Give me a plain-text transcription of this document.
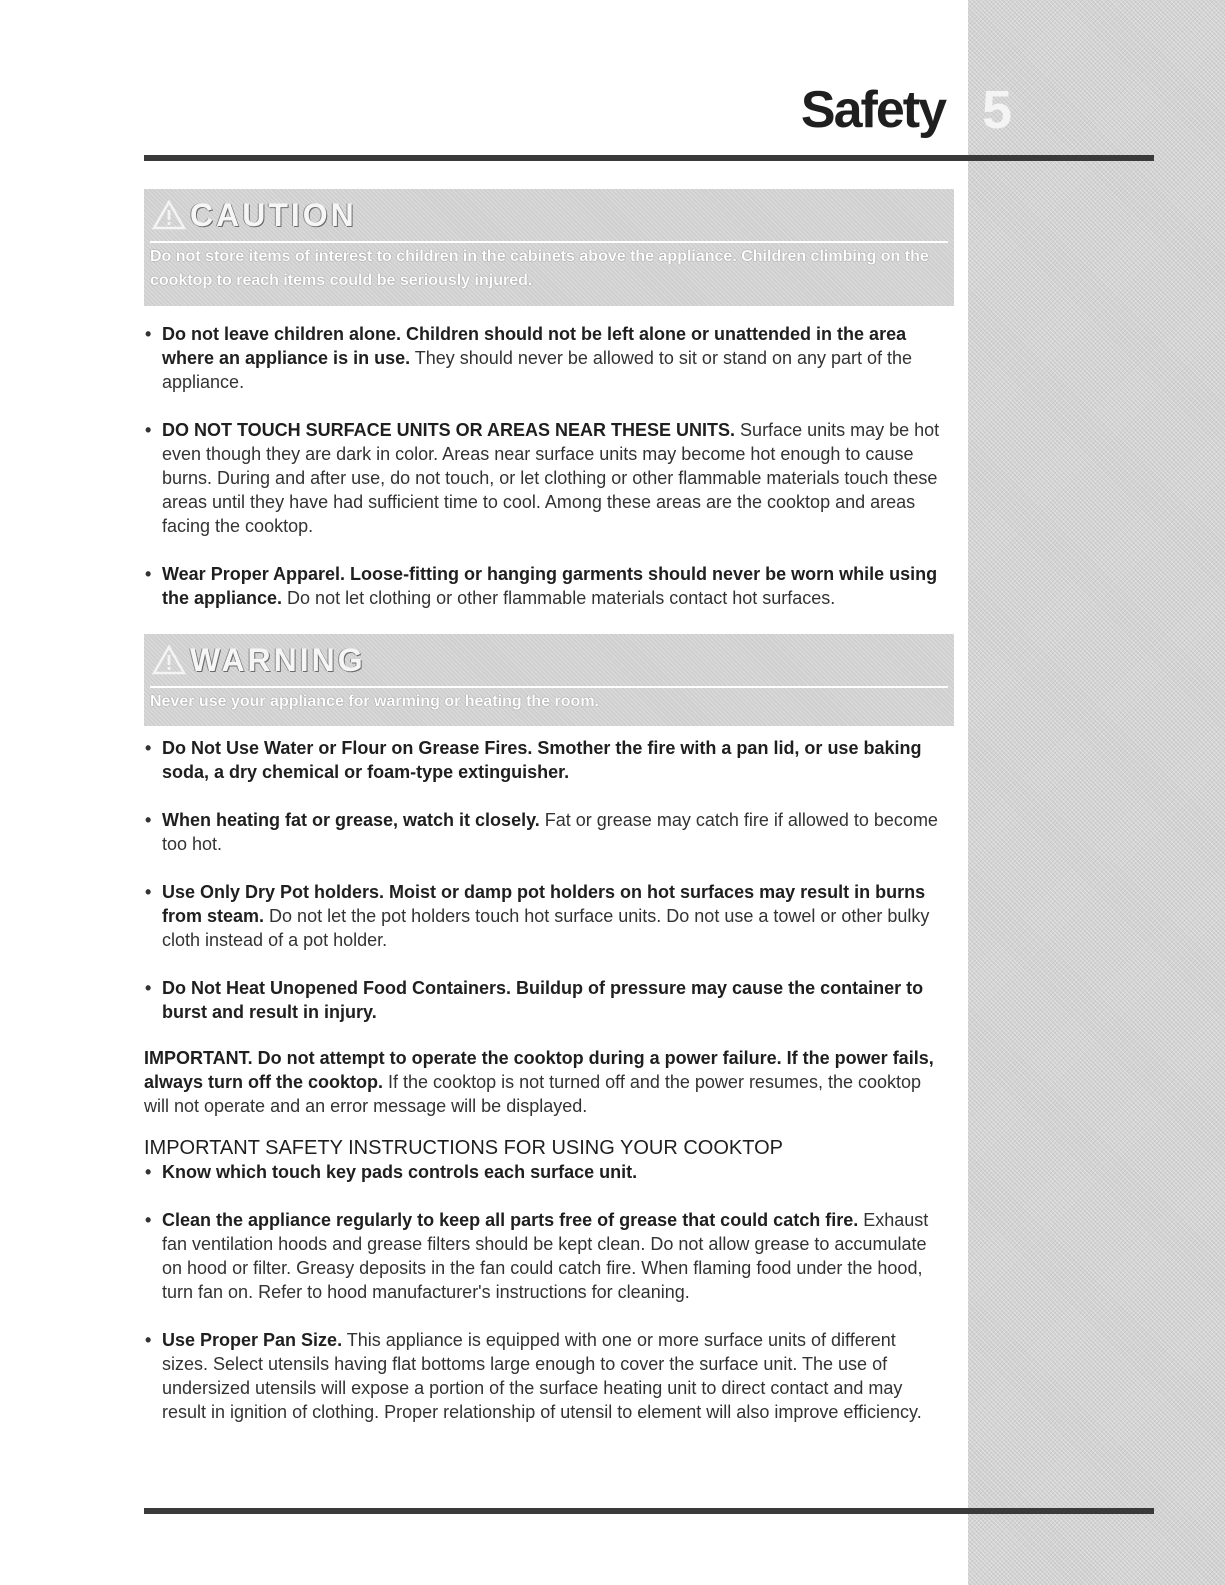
Safety 5
CAUTION
Do not store items of interest to children in the cabinets above the appliance. Children climbing on the cooktop to reach items could be seriously injured.

• Do not leave children alone. Children should not be left alone or unattended in the area where an appliance is in use. They should never be allowed to sit or stand on any part of the appliance.

• DO NOT TOUCH SURFACE UNITS OR AREAS NEAR THESE UNITS. Surface units may be hot even though they are dark in color. Areas near surface units may become hot enough to cause burns. During and after use, do not touch, or let clothing or other flammable materials touch these areas until they have had sufficient time to cool. Among these areas are the cooktop and areas facing the cooktop.

• Wear Proper Apparel. Loose-fitting or hanging garments should never be worn while using the appliance. Do not let clothing or other flammable materials contact hot surfaces.

WARNING
Never use your appliance for warming or heating the room.

• Do Not Use Water or Flour on Grease Fires. Smother the fire with a pan lid, or use baking soda, a dry chemical or foam-type extinguisher.

• When heating fat or grease, watch it closely. Fat or grease may catch fire if allowed to become too hot.

• Use Only Dry Pot holders. Moist or damp pot holders on hot surfaces may result in burns from steam. Do not let the pot holders touch hot surface units. Do not use a towel or other bulky cloth instead of a pot holder.

• Do Not Heat Unopened Food Containers. Buildup of pressure may cause the container to burst and result in injury.

IMPORTANT. Do not attempt to operate the cooktop during a power failure. If the power fails, always turn off the cooktop. If the cooktop is not turned off and the power resumes, the cooktop will not operate and an error message will be displayed.

IMPORTANT SAFETY INSTRUCTIONS FOR USING YOUR COOKTOP

• Know which touch key pads controls each surface unit.

• Clean the appliance regularly to keep all parts free of grease that could catch fire. Exhaust fan ventilation hoods and grease filters should be kept clean. Do not allow grease to accumulate on hood or filter. Greasy deposits in the fan could catch fire. When flaming food under the hood, turn fan on. Refer to hood manufacturer's instructions for cleaning.

• Use Proper Pan Size. This appliance is equipped with one or more surface units of different sizes. Select utensils having flat bottoms large enough to cover the surface unit. The use of undersized utensils will expose a portion of the surface heating unit to direct contact and may result in ignition of clothing. Proper relationship of utensil to element will also improve efficiency.
